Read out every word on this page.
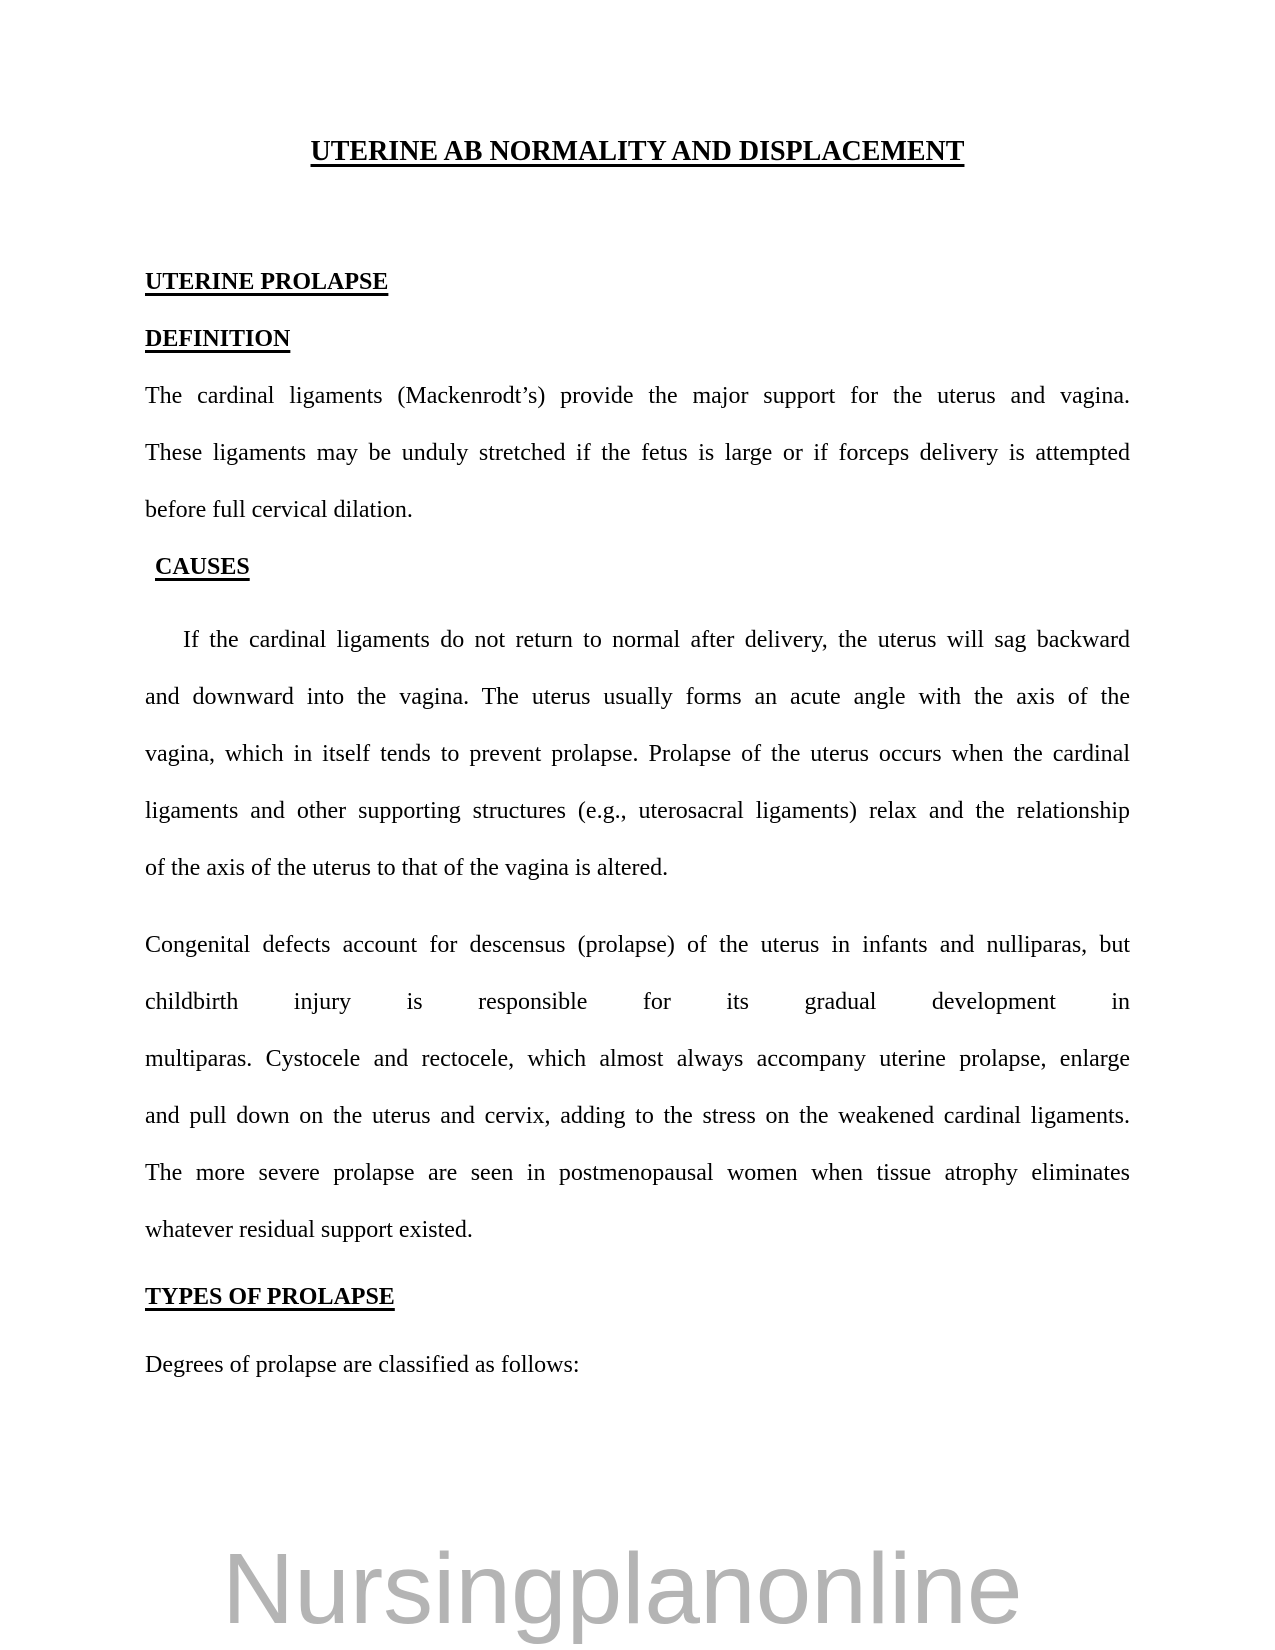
UTERINE AB NORMALITY AND DISPLACEMENT
UTERINE PROLAPSE
DEFINITION
The cardinal ligaments (Mackenrodt’s) provide the major support for the uterus and vagina.
These ligaments may be unduly stretched if the fetus is large or if forceps delivery is attempted
before full cervical dilation.
CAUSES
If the cardinal ligaments do not return to normal after delivery, the uterus will sag backward
and downward into the vagina. The uterus usually forms an acute angle with the axis of the
vagina, which in itself tends to prevent prolapse. Prolapse of the uterus occurs when the cardinal
ligaments and other supporting structures (e.g., uterosacral ligaments) relax and the relationship
of the axis of the uterus to that of the vagina is altered.
Congenital defects account for descensus (prolapse) of the uterus in infants and nulliparas, but
childbirth injury is responsible for its gradual development in
multiparas. Cystocele and rectocele, which almost always accompany uterine prolapse, enlarge
and pull down on the uterus and cervix, adding to the stress on the weakened cardinal ligaments.
The more severe prolapse are seen in postmenopausal women when tissue atrophy eliminates
whatever residual support existed.
TYPES OF PROLAPSE
Degrees of prolapse are classified as follows:
Nursingplanonline
